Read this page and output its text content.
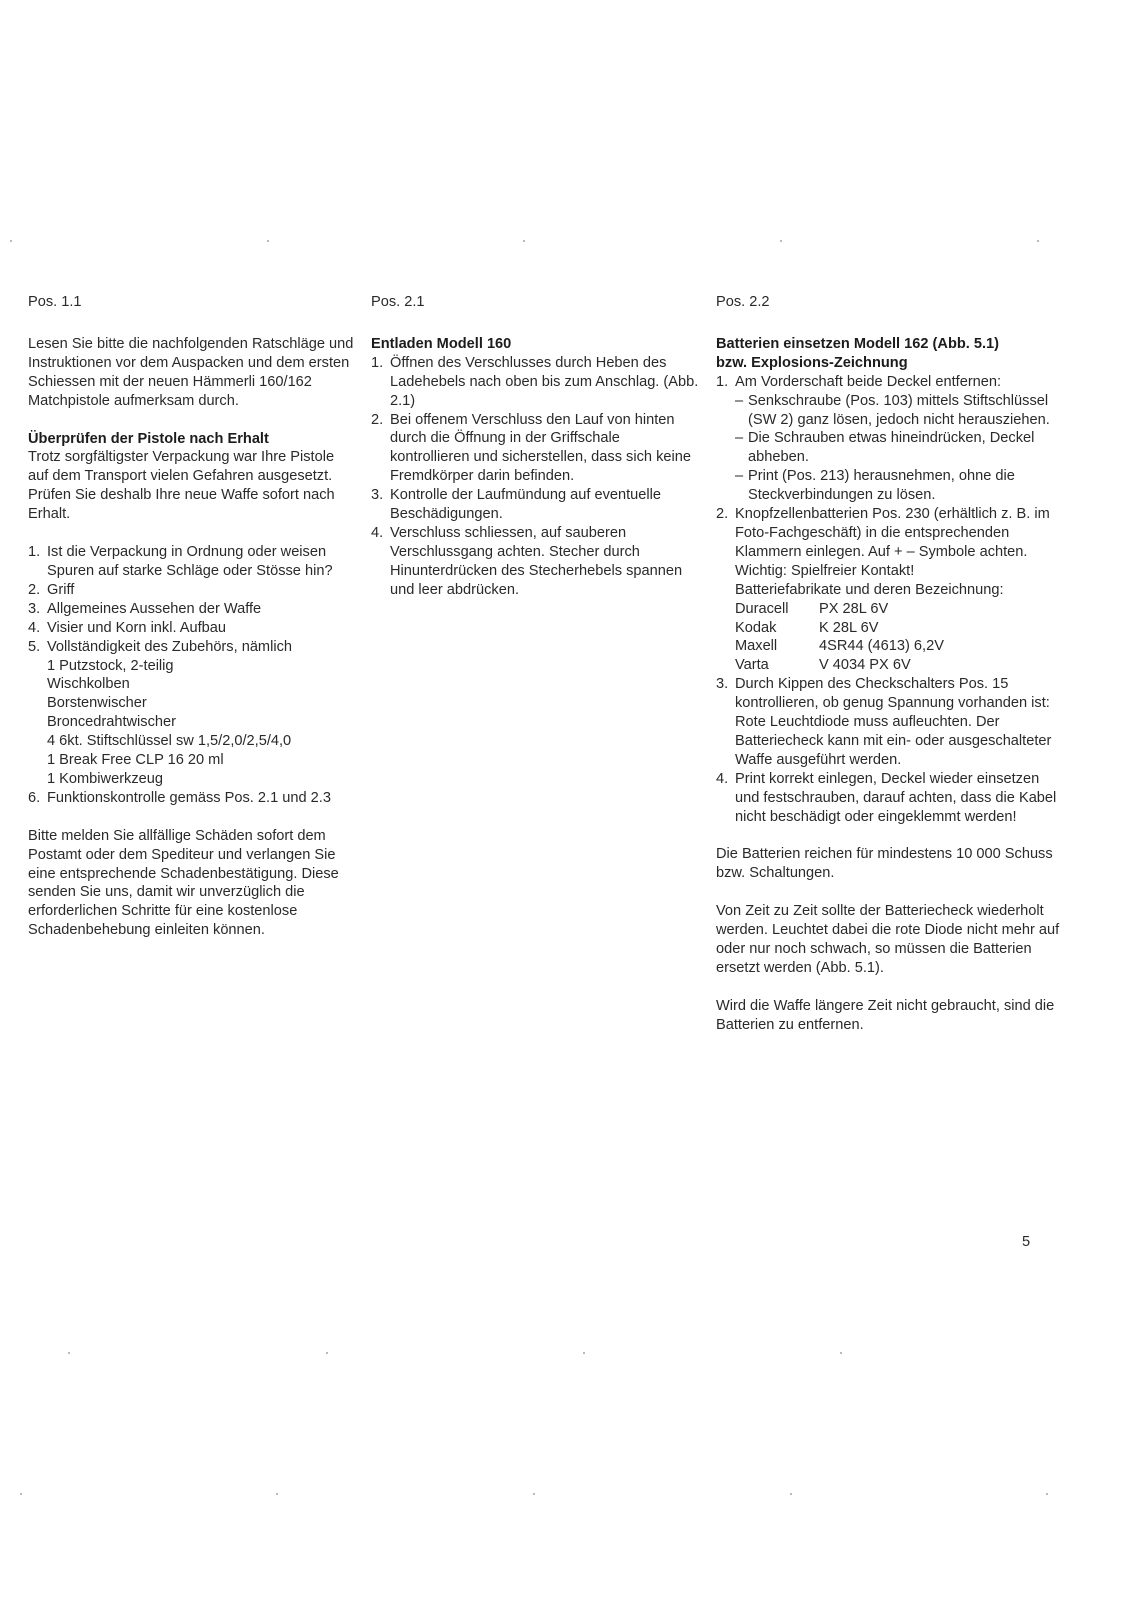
Pos. 1.1

Lesen Sie bitte die nachfolgenden Ratschläge und Instruktionen vor dem Auspacken und dem ersten Schiessen mit der neuen Hämmerli 160/162 Matchpistole aufmerksam durch.

Überprüfen der Pistole nach Erhalt

Trotz sorgfältigster Verpackung war Ihre Pistole auf dem Transport vielen Gefahren ausgesetzt. Prüfen Sie deshalb Ihre neue Waffe sofort nach Erhalt.

1. Ist die Verpackung in Ordnung oder weisen Spuren auf starke Schläge oder Stösse hin?
2. Griff
3. Allgemeines Aussehen der Waffe
4. Visier und Korn inkl. Aufbau
5. Vollständigkeit des Zubehörs, nämlich
1 Putzstock, 2-teilig
Wischkolben
Borstenwischer
Broncedrahtwischer
4 6kt. Stiftschlüssel sw 1,5/2,0/2,5/4,0
1 Break Free CLP 16 20 ml
1 Kombiwerkzeug
6. Funktionskontrolle gemäss Pos. 2.1 und 2.3

Bitte melden Sie allfällige Schäden sofort dem Postamt oder dem Spediteur und verlangen Sie eine entsprechende Schadenbestätigung. Diese senden Sie uns, damit wir unverzüglich die erforderlichen Schritte für eine kostenlose Schadenbehebung einleiten können.

Pos. 2.1

Entladen Modell 160

1. Öffnen des Verschlusses durch Heben des Ladehebels nach oben bis zum Anschlag. (Abb. 2.1)
2. Bei offenem Verschluss den Lauf von hinten durch die Öffnung in der Griffschale kontrollieren und sicherstellen, dass sich keine Fremdkörper darin befinden.
3. Kontrolle der Laufmündung auf eventuelle Beschädigungen.
4. Verschluss schliessen, auf sauberen Verschlussgang achten. Stecher durch Hinunterdrücken des Stecherhebels spannen und leer abdrücken.

Pos. 2.2

Batterien einsetzen Modell 162 (Abb. 5.1)

bzw. Explosions-Zeichnung

1. Am Vorderschaft beide Deckel entfernen:
– Senkschraube (Pos. 103) mittels Stiftschlüssel (SW 2) ganz lösen, jedoch nicht herausziehen.
– Die Schrauben etwas hineindrücken, Deckel abheben.
– Print (Pos. 213) herausnehmen, ohne die Steckverbindungen zu lösen.
2. Knopfzellenbatterien Pos. 230 (erhältlich z. B. im Foto-Fachgeschäft) in die entsprechenden Klammern einlegen. Auf + – Symbole achten. Wichtig: Spielfreier Kontakt!
Batteriefabrikate und deren Bezeichnung:
Duracell	PX 28L 6V
Kodak	K 28L 6V
Maxell	4SR44 (4613) 6,2V
Varta	V 4034 PX 6V
3. Durch Kippen des Checkschalters Pos. 15 kontrollieren, ob genug Spannung vorhanden ist: Rote Leuchtdiode muss aufleuchten. Der Batteriecheck kann mit ein- oder ausgeschalteter Waffe ausgeführt werden.
4. Print korrekt einlegen, Deckel wieder einsetzen und festschrauben, darauf achten, dass die Kabel nicht beschädigt oder eingeklemmt werden!

Die Batterien reichen für mindestens 10 000 Schuss bzw. Schaltungen.

Von Zeit zu Zeit sollte der Batteriecheck wiederholt werden. Leuchtet dabei die rote Diode nicht mehr auf oder nur noch schwach, so müssen die Batterien ersetzt werden (Abb. 5.1).

Wird die Waffe längere Zeit nicht gebraucht, sind die Batterien zu entfernen.

5
